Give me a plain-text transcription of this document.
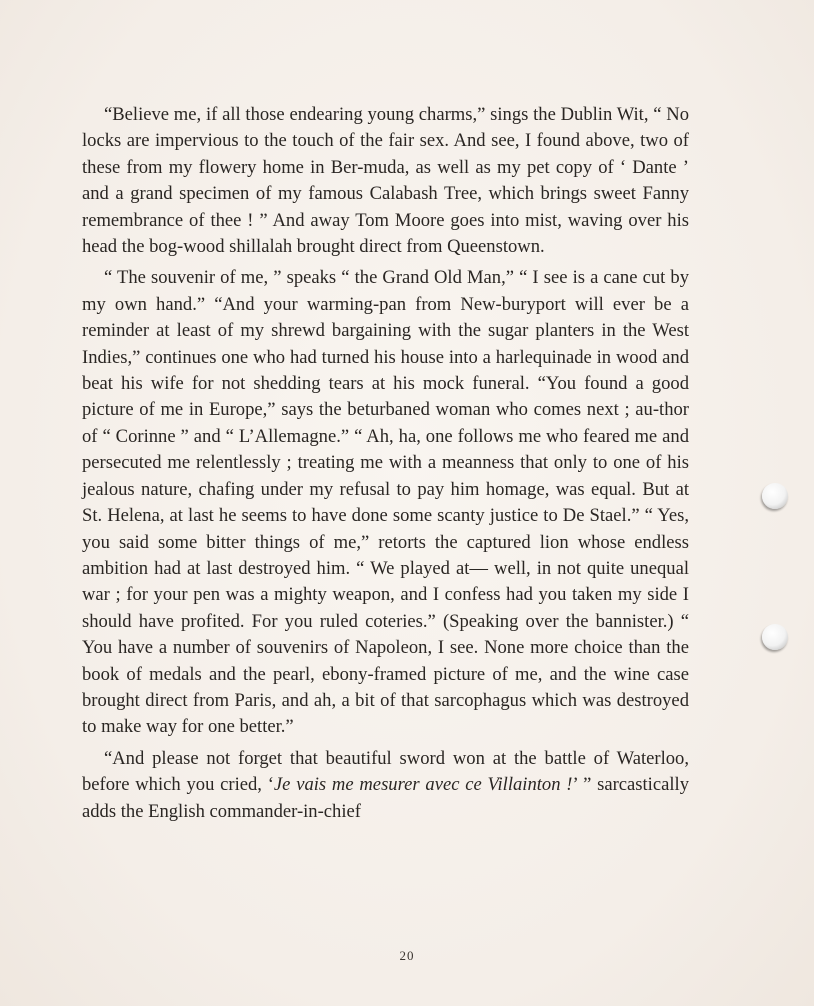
“Believe me, if all those endearing young charms,” sings the Dublin Wit, “ No locks are impervious to the touch of the fair sex. And see, I found above, two of these from my flowery home in Ber-muda, as well as my pet copy of ‘ Dante ’ and a grand specimen of my famous Calabash Tree, which brings sweet Fanny remembrance of thee ! ” And away Tom Moore goes into mist, waving over his head the bog-wood shillalah brought direct from Queenstown.

“ The souvenir of me, ” speaks “ the Grand Old Man,” “ I see is a cane cut by my own hand.” “And your warming-pan from New-buryport will ever be a reminder at least of my shrewd bargaining with the sugar planters in the West Indies,” continues one who had turned his house into a harlequinade in wood and beat his wife for not shedding tears at his mock funeral. “You found a good picture of me in Europe,” says the beturbaned woman who comes next ; au-thor of “ Corinne ” and “ L’Allemagne.” “ Ah, ha, one follows me who feared me and persecuted me relentlessly ; treating me with a meanness that only to one of his jealous nature, chafing under my refusal to pay him homage, was equal. But at St. Helena, at last he seems to have done some scanty justice to De Stael.” “ Yes, you said some bitter things of me,” retorts the captured lion whose endless ambition had at last destroyed him. “ We played at— well, in not quite unequal war ; for your pen was a mighty weapon, and I confess had you taken my side I should have profited. For you ruled coteries.” (Speaking over the bannister.) “ You have a number of souvenirs of Napoleon, I see. None more choice than the book of medals and the pearl, ebony-framed picture of me, and the wine case brought direct from Paris, and ah, a bit of that sarcophagus which was destroyed to make way for one better.”

“And please not forget that beautiful sword won at the battle of Waterloo, before which you cried, ‘Je vais me mesurer avec ce Villainton !’ ” sarcastically adds the English commander-in-chief

20
